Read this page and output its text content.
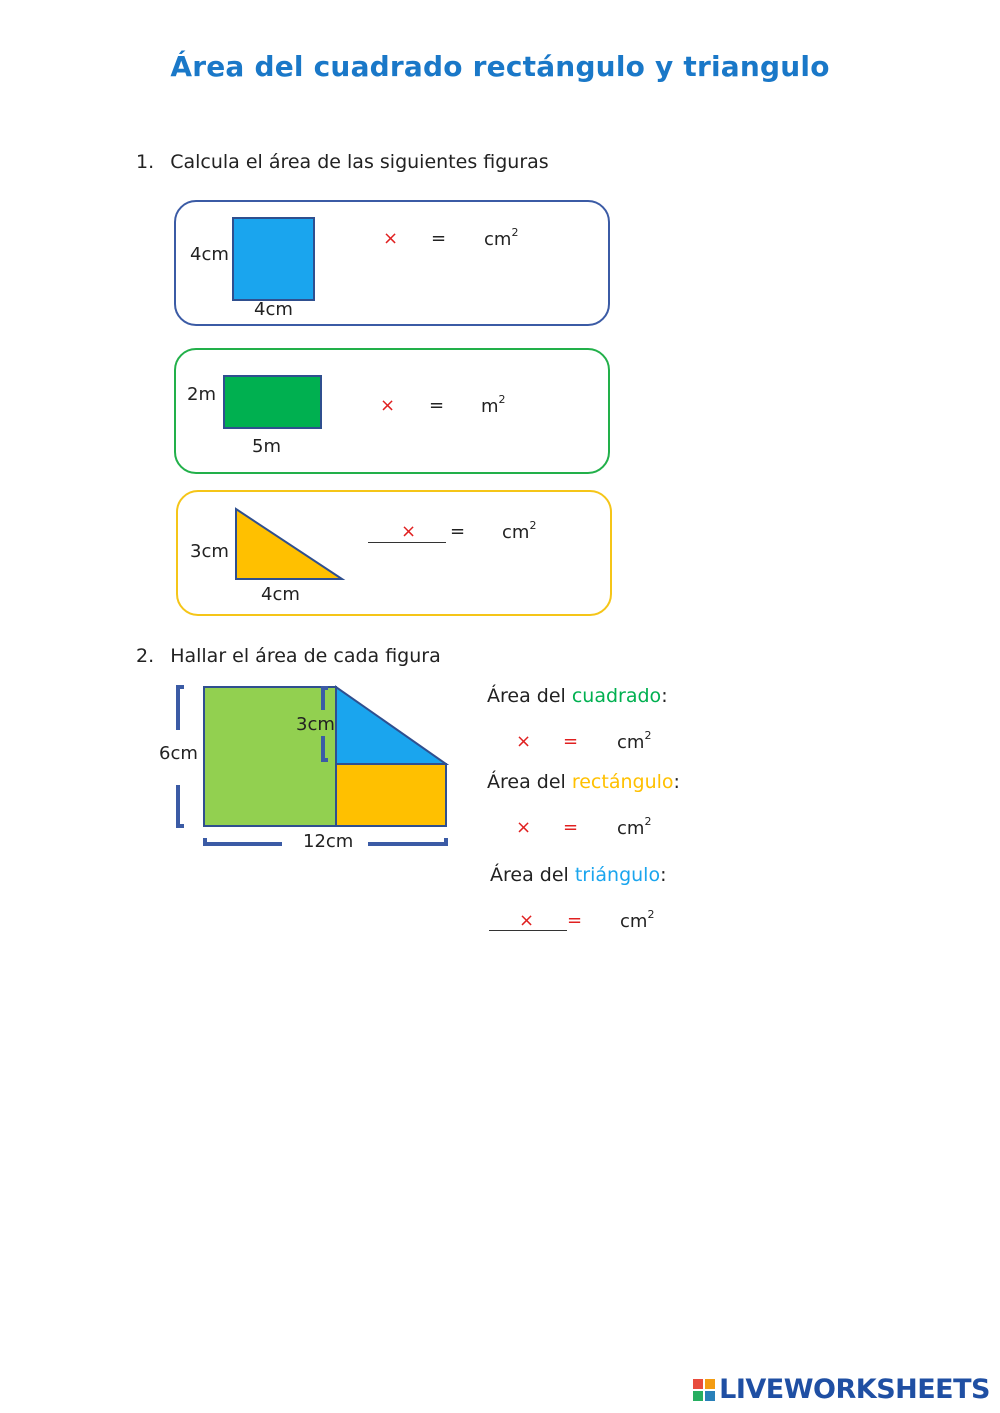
Área del cuadrado rectángulo y triangulo
1. Calcula el área de las siguientes figuras
4cm
4cm
× = $cm^2$
2m
5m
× = $m^2$
3cm
4cm
× = $cm^2$
2. Hallar el área de cada figura
6cm
3cm
12cm
Área del cuadrado:
× = $cm^2$
Área del rectángulo:
× = $cm^2$
Área del triángulo:
× = $cm^2$
LIVEWORKSHEETS
